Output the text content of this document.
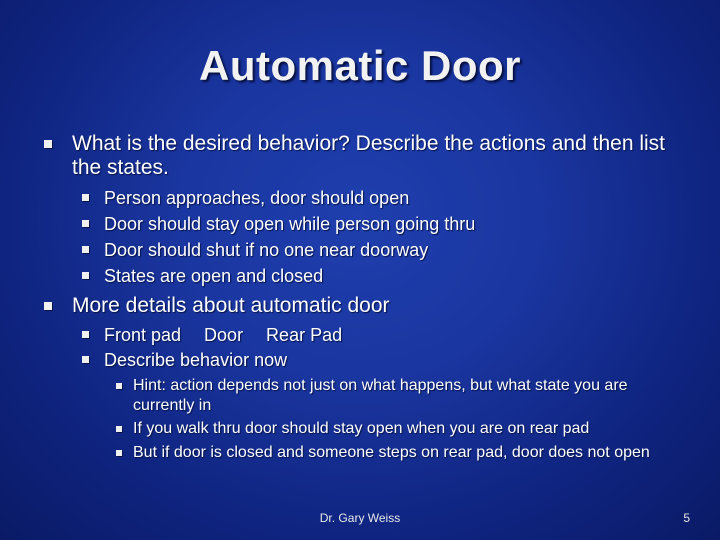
Automatic Door
What is the desired behavior? Describe the actions and then list the states.
Person approaches, door should open
Door should stay open while person going thru
Door should shut if no one near doorway
States are open and closed
More details about automatic door
Front pad  Door  Rear Pad
Describe behavior now
Hint: action depends not just on what happens, but what state you are currently in
If you walk thru door should stay open when you are on rear pad
But if door is closed and someone steps on rear pad, door does not open
Dr. Gary Weiss	5
